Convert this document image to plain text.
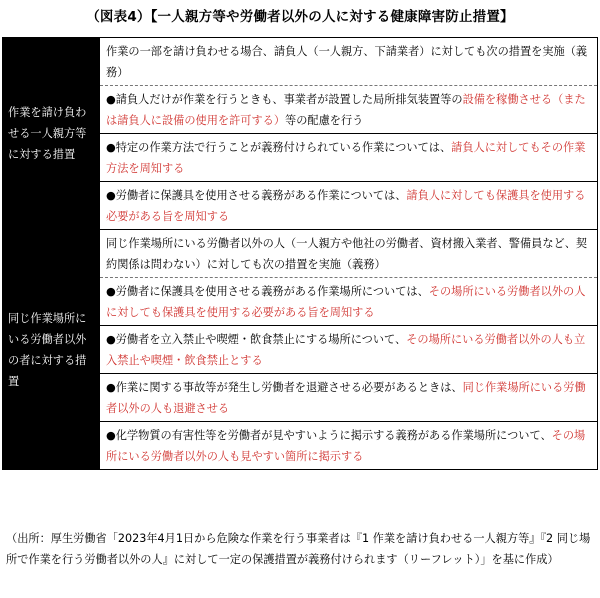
（図表4）【一人親方等や労働者以外の人に対する健康障害防止措置】
作業を請け負わせる一人親方等に対する措置	作業の一部を請け負わせる場合、請負人（一人親方、下請業者）に対しても次の措置を実施（義務）
	●請負人だけが作業を行うときも、事業者が設置した局所排気装置等の設備を稼働させる（または請負人に設備の使用を許可する）等の配慮を行う
	●特定の作業方法で行うことが義務付けられている作業については、請負人に対してもその作業方法を周知する
	●労働者に保護具を使用させる義務がある作業については、請負人に対しても保護具を使用する必要がある旨を周知する
同じ作業場所にいる労働者以外の者に対する措置	同じ作業場所にいる労働者以外の人（一人親方や他社の労働者、資材搬入業者、警備員など、契約関係は問わない）に対しても次の措置を実施（義務）
	●労働者に保護具を使用させる義務がある作業場所については、その場所にいる労働者以外の人に対しても保護具を使用する必要がある旨を周知する
	●労働者を立入禁止や喫煙・飲食禁止にする場所について、その場所にいる労働者以外の人も立入禁止や喫煙・飲食禁止とする
	●作業に関する事故等が発生し労働者を退避させる必要があるときは、同じ作業場所にいる労働者以外の人も退避させる
	●化学物質の有害性等を労働者が見やすいように掲示する義務がある作業場所について、その場所にいる労働者以外の人も見やすい箇所に掲示する
（出所：厚生労働省「2023年4月1日から危険な作業を行う事業者は『1 作業を請け負わせる一人親方等』『2 同じ場所で作業を行う労働者以外の人』に対して一定の保護措置が義務付けられます（リーフレット）」を基に作成）
